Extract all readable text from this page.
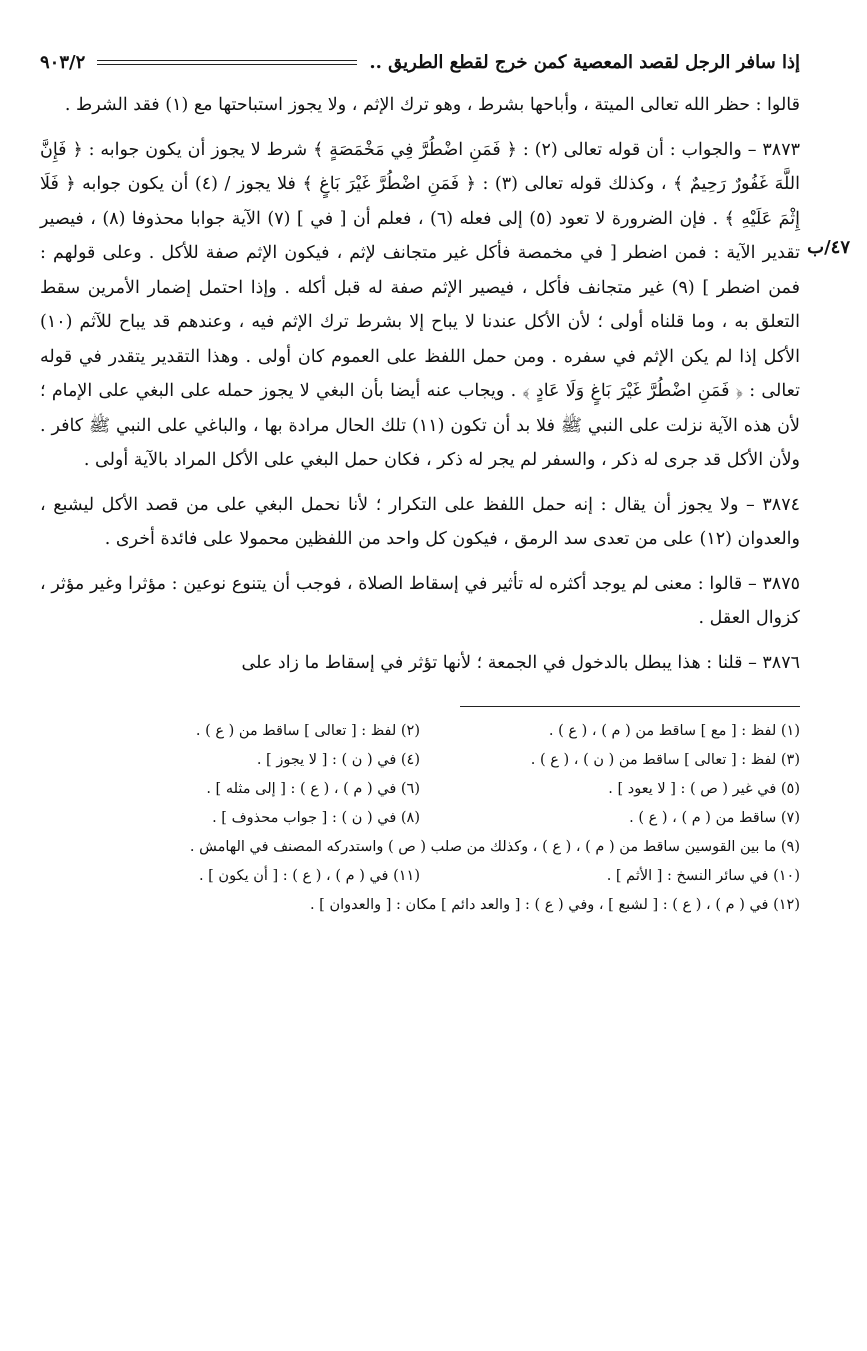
إذا سافر الرجل لقصد المعصية كمن خرج لقطع الطريق ..
٩٠٣/٢

قالوا : حظر الله تعالى الميتة ، وأباحها بشرط ، وهو ترك الإثم ، ولا يجوز استباحتها مع (١) فقد الشرط .

٤٧/ب

٣٨٧٣ – والجواب : أن قوله تعالى (٢) : ﴿ فَمَنِ اضْطُرَّ فِي مَخْمَصَةٍ ﴾ شرط لا يجوز أن يكون جوابه : ﴿ فَإِنَّ اللَّهَ غَفُورٌ رَحِيمٌ ﴾ ، وكذلك قوله تعالى (٣) : ﴿ فَمَنِ اضْطُرَّ غَيْرَ بَاغٍ ﴾ فلا يجوز / (٤) أن يكون جوابه ﴿ فَلَا إِثْمَ عَلَيْهِ ﴾ . فإن الضرورة لا تعود (٥) إلى فعله (٦) ، فعلم أن [ في ] (٧) الآية جوابا محذوفا (٨) ، فيصير تقدير الآية : فمن اضطر [ في مخمصة فأكل غير متجانف لإثم ، فيكون الإثم صفة للأكل . وعلى قولهم : فمن اضطر ] (٩) غير متجانف فأكل ، فيصير الإثم صفة له قبل أكله . وإذا احتمل إضمار الأمرين سقط التعلق به ، وما قلناه أولى ؛ لأن الأكل عندنا لا يباح إلا بشرط ترك الإثم فيه ، وعندهم قد يباح للآثم (١٠) الأكل إذا لم يكن الإثم في سفره . ومن حمل اللفظ على العموم كان أولى . وهذا التقدير يتقدر في قوله تعالى : ﴿ فَمَنِ اضْطُرَّ غَيْرَ بَاغٍ وَلَا عَادٍ ﴾ . ويجاب عنه أيضا بأن البغي لا يجوز حمله على البغي على الإمام ؛ لأن هذه الآية نزلت على النبي ﷺ فلا بد أن تكون (١١) تلك الحال مرادة بها ، والباغي على النبي ﷺ كافر . ولأن الأكل قد جرى له ذكر ، والسفر لم يجر له ذكر ، فكان حمل البغي على الأكل المراد بالآية أولى .

٣٨٧٤ – ولا يجوز أن يقال : إنه حمل اللفظ على التكرار ؛ لأنا نحمل البغي على من قصد الأكل ليشبع ، والعدوان (١٢) على من تعدى سد الرمق ، فيكون كل واحد من اللفظين محمولا على فائدة أخرى .

٣٨٧٥ – قالوا : معنى لم يوجد أكثره له تأثير في إسقاط الصلاة ، فوجب أن يتنوع نوعين : مؤثرا وغير مؤثر ، كزوال العقل .

٣٨٧٦ – قلنا : هذا يبطل بالدخول في الجمعة ؛ لأنها تؤثر في إسقاط ما زاد على

(١) لفظ : [ مع ] ساقط من ( م ) ، ( ع ) .
(٢) لفظ : [ تعالى ] ساقط من ( ع ) .
(٣) لفظ : [ تعالى ] ساقط من ( ن ) ، ( ع ) .
(٤) في ( ن ) : [ لا يجوز ] .
(٥) في غير ( ص ) : [ لا يعود ] .
(٦) في ( م ) ، ( ع ) : [ إلى مثله ] .
(٧) ساقط من ( م ) ، ( ع ) .
(٨) في ( ن ) : [ جواب محذوف ] .
(٩) ما بين القوسين ساقط من ( م ) ، ( ع ) ، وكذلك من صلب ( ص ) واستدركه المصنف في الهامش .
(١٠) في سائر النسخ : [ الأثم ] .
(١١) في ( م ) ، ( ع ) : [ أن يكون ] .
(١٢) في ( م ) ، ( ع ) : [ لشبع ] ، وفي ( ع ) : [ والعد دائم ] مكان : [ والعدوان ] .
